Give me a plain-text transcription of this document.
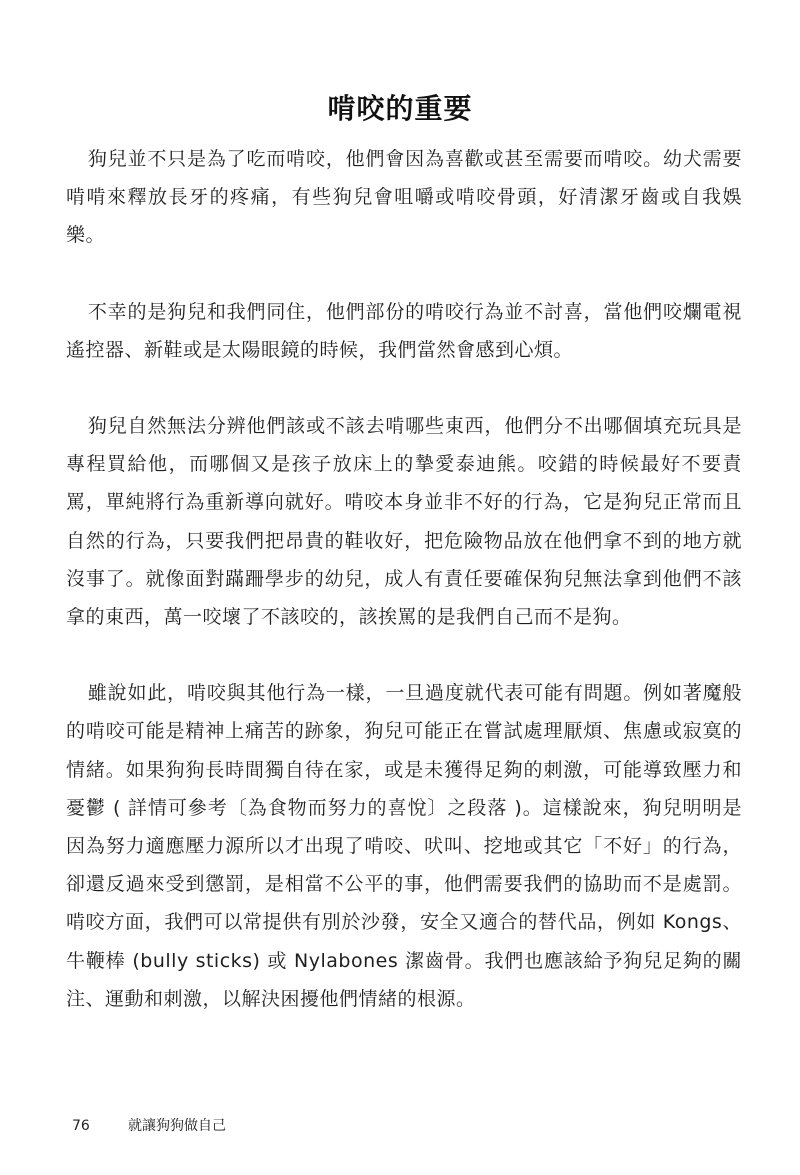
啃咬的重要

狗兒並不只是為了吃而啃咬，他們會因為喜歡或甚至需要而啃咬。幼犬需要啃啃來釋放長牙的疼痛，有些狗兒會咀嚼或啃咬骨頭，好清潔牙齒或自我娛樂。

不幸的是狗兒和我們同住，他們部份的啃咬行為並不討喜，當他們咬爛電視遙控器、新鞋或是太陽眼鏡的時候，我們當然會感到心煩。

狗兒自然無法分辨他們該或不該去啃哪些東西，他們分不出哪個填充玩具是專程買給他，而哪個又是孩子放床上的摯愛泰迪熊。咬錯的時候最好不要責罵，單純將行為重新導向就好。啃咬本身並非不好的行為，它是狗兒正常而且自然的行為，只要我們把昂貴的鞋收好，把危險物品放在他們拿不到的地方就沒事了。就像面對蹣跚學步的幼兒，成人有責任要確保狗兒無法拿到他們不該拿的東西，萬一咬壞了不該咬的，該挨罵的是我們自己而不是狗。

雖說如此，啃咬與其他行為一樣，一旦過度就代表可能有問題。例如著魔般的啃咬可能是精神上痛苦的跡象，狗兒可能正在嘗試處理厭煩、焦慮或寂寞的情緒。如果狗狗長時間獨自待在家，或是未獲得足夠的刺激，可能導致壓力和憂鬱 ( 詳情可參考〔為食物而努力的喜悅〕之段落 )。這樣說來，狗兒明明是因為努力適應壓力源所以才出現了啃咬、吠叫、挖地或其它「不好」的行為，卻還反過來受到懲罰，是相當不公平的事，他們需要我們的協助而不是處罰。啃咬方面，我們可以常提供有別於沙發，安全又適合的替代品，例如 Kongs、牛鞭棒 (bully sticks) 或 Nylabones 潔齒骨。我們也應該給予狗兒足夠的關注、運動和刺激，以解決困擾他們情緒的根源。

76	就讓狗狗做自己
